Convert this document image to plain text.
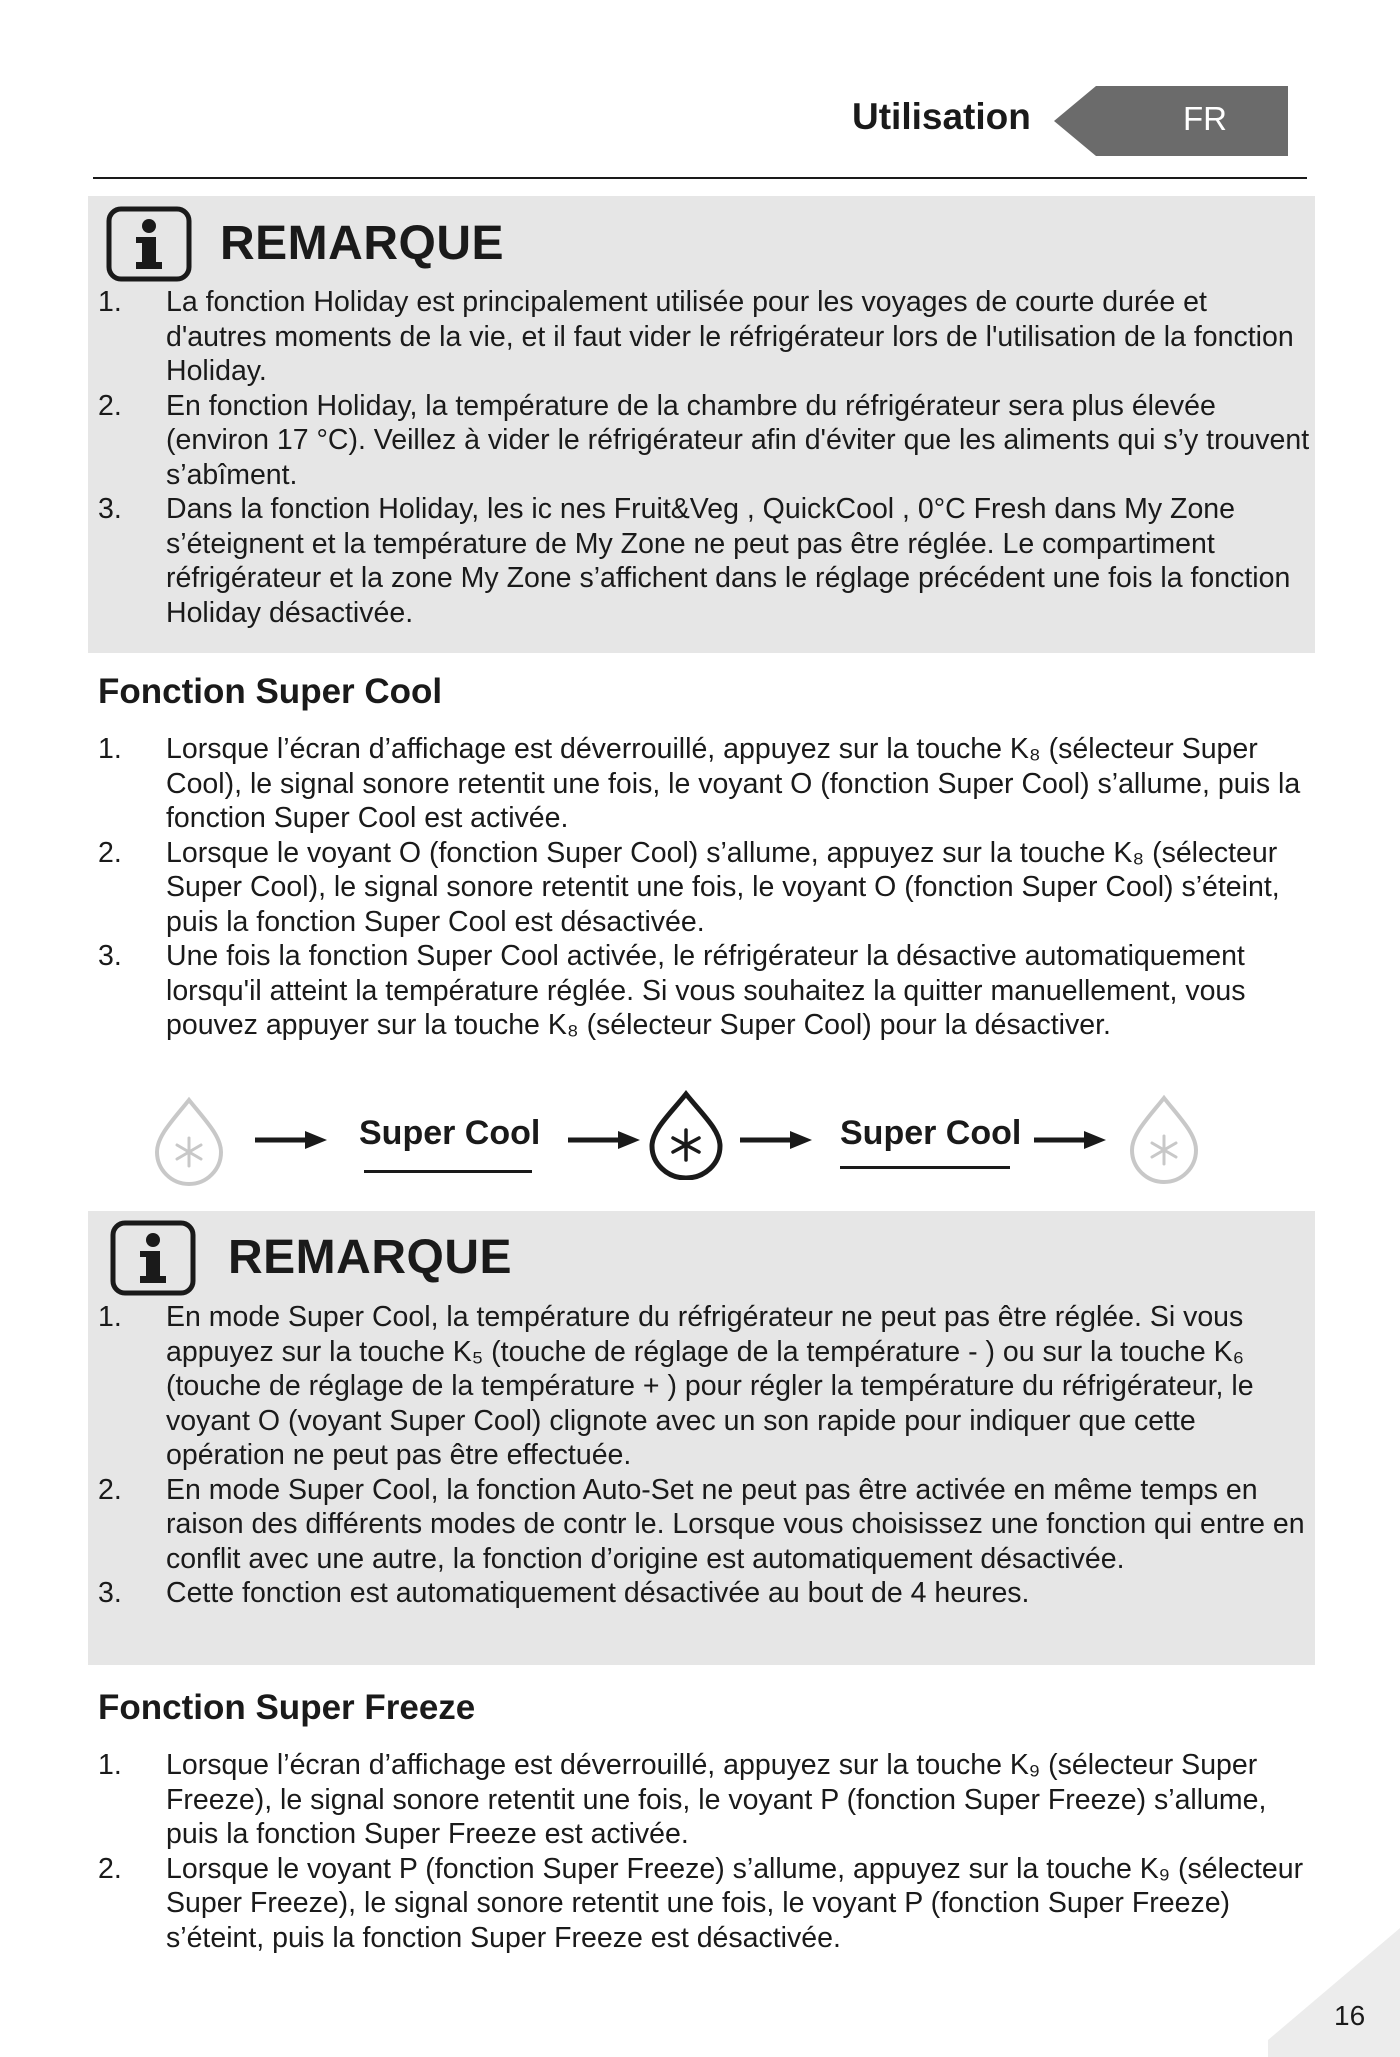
Utilisation	FR
REMARQUE
1. La fonction Holiday est principalement utilisée pour les voyages de courte durée et d'autres moments de la vie, et il faut vider le réfrigérateur lors de l'utilisation de la fonction Holiday.
2. En fonction Holiday, la température de la chambre du réfrigérateur sera plus élevée (environ 17 °C). Veillez à vider le réfrigérateur afin d'éviter que les aliments qui s’y trouvent s’abîment.
3. Dans la fonction Holiday, les ic nes Fruit&Veg , QuickCool , 0°C Fresh dans My Zone s’éteignent et la température de My Zone ne peut pas être réglée. Le compartiment réfrigérateur et la zone My Zone s’affichent dans le réglage précédent une fois la fonction Holiday désactivée.
Fonction Super Cool
1. Lorsque l’écran d’affichage est déverrouillé, appuyez sur la touche K₈ (sélecteur Super Cool), le signal sonore retentit une fois, le voyant O (fonction Super Cool) s’allume, puis la fonction Super Cool est activée.
2. Lorsque le voyant O (fonction Super Cool) s’allume, appuyez sur la touche K₈ (sélecteur Super Cool), le signal sonore retentit une fois, le voyant O (fonction Super Cool) s’éteint, puis la fonction Super Cool est désactivée.
3. Une fois la fonction Super Cool activée, le réfrigérateur la désactive automatiquement lorsqu'il atteint la température réglée. Si vous souhaitez la quitter manuellement, vous pouvez appuyer sur la touche K₈ (sélecteur Super Cool) pour la désactiver.
Super Cool	Super Cool
REMARQUE
1. En mode Super Cool, la température du réfrigérateur ne peut pas être réglée. Si vous appuyez sur la touche K₅ (touche de réglage de la température - ) ou sur la touche K₆ (touche de réglage de la température + ) pour régler la température du réfrigérateur, le voyant O (voyant Super Cool) clignote avec un son rapide pour indiquer que cette opération ne peut pas être effectuée.
2. En mode Super Cool, la fonction Auto-Set ne peut pas être activée en même temps en raison des différents modes de contr le. Lorsque vous choisissez une fonction qui entre en conflit avec une autre, la fonction d’origine est automatiquement désactivée.
3. Cette fonction est automatiquement désactivée au bout de 4 heures.
Fonction Super Freeze
1. Lorsque l’écran d’affichage est déverrouillé, appuyez sur la touche K₉ (sélecteur Super Freeze), le signal sonore retentit une fois, le voyant P (fonction Super Freeze) s’allume, puis la fonction Super Freeze est activée.
2. Lorsque le voyant P (fonction Super Freeze) s’allume, appuyez sur la touche K₉ (sélecteur Super Freeze), le signal sonore retentit une fois, le voyant P (fonction Super Freeze) s’éteint, puis la fonction Super Freeze est désactivée.
16
